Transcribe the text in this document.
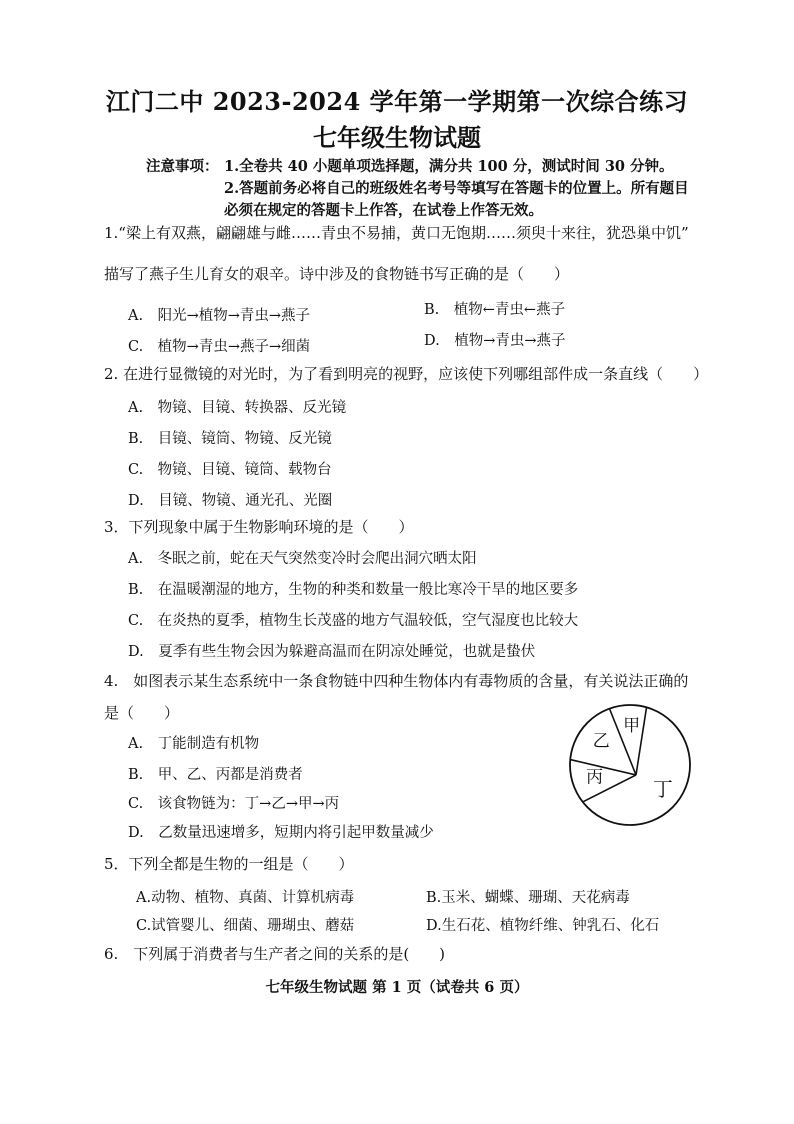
江门二中 2023-2024 学年第一学期第一次综合练习
七年级生物试题
注意事项： 1.全卷共 40 小题单项选择题，满分共 100 分，测试时间 30 分钟。
2.答题前务必将自己的班级姓名考号等填写在答题卡的位置上。所有题目
必须在规定的答题卡上作答，在试卷上作答无效。
1.“梁上有双燕，翩翩雄与雌……青虫不易捕，黄口无饱期……须臾十来往，犹恐巢中饥”
描写了燕子生儿育女的艰辛。诗中涉及的食物链书写正确的是（　　）
A.　阳光→植物→青虫→燕子	B.　植物←青虫←燕子
C.　植物→青虫→燕子→细菌	D.　植物→青虫→燕子
2. 在进行显微镜的对光时，为了看到明亮的视野，应该使下列哪组部件成一条直线（　　）
A.　物镜、目镜、转换器、反光镜
B.　目镜、镜筒、物镜、反光镜
C.　物镜、目镜、镜筒、载物台
D.　目镜、物镜、通光孔、光圈
3．下列现象中属于生物影响环境的是（　　）
A.　冬眠之前，蛇在天气突然变冷时会爬出洞穴晒太阳
B.　在温暖潮湿的地方，生物的种类和数量一般比寒冷干旱的地区要多
C.　在炎热的夏季，植物生长茂盛的地方气温较低，空气湿度也比较大
D.　夏季有些生物会因为躲避高温而在阴凉处睡觉，也就是蛰伏
4.　如图表示某生态系统中一条食物链中四种生物体内有毒物质的含量，有关说法正确的
是（　　）
A.　丁能制造有机物
B.　甲、乙、丙都是消费者
C.　该食物链为：丁→乙→甲→丙
D.　乙数量迅速增多，短期内将引起甲数量减少
甲
丁
丙
乙
5．下列全都是生物的一组是（　　）
A.动物、植物、真菌、计算机病毒	B.玉米、蝴蝶、珊瑚、天花病毒
C.试管婴儿、细菌、珊瑚虫、蘑菇	D.生石花、植物纤维、钟乳石、化石
6.　下列属于消费者与生产者之间的关系的是(　　)
七年级生物试题 第 1 页（试卷共 6 页）
